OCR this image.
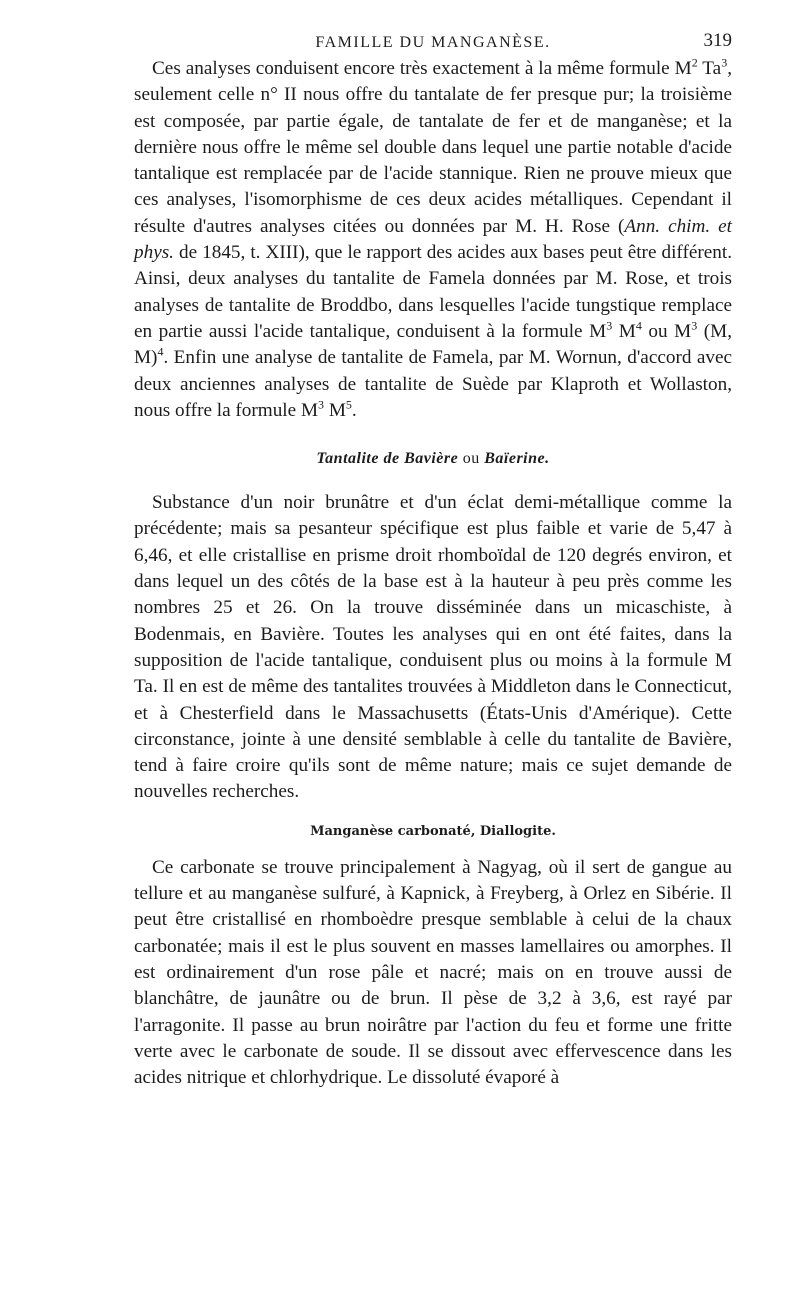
FAMILLE DU MANGANÈSE.	319

Ces analyses conduisent encore très exactement à la même formule $M^2$ Ta$^3$, seulement celle n° II nous offre du tantalate de fer presque pur; la troisième est composée, par partie égale, de tantalate de fer et de manganèse; et la dernière nous offre le même sel double dans lequel une partie notable d'acide tantalique est remplacée par de l'acide stannique. Rien ne prouve mieux que ces analyses, l'isomorphisme de ces deux acides métalliques. Cependant il résulte d'autres analyses citées ou données par M. H. Rose (Ann. chim. et phys. de 1845, t. XIII), que le rapport des acides aux bases peut être différent. Ainsi, deux analyses du tantalite de Famela données par M. Rose, et trois analyses de tantalite de Broddbo, dans lesquelles l'acide tungstique remplace en partie aussi l'acide tantalique, conduisent à la formule $M^3$ $M^4$ ou $M^3$ (M, M)$^4$. Enfin une analyse de tantalite de Famela, par M. Wornun, d'accord avec deux anciennes analyses de tantalite de Suède par Klaproth et Wollaston, nous offre la formule $M^3$ $M^5$.

Tantalite de Bavière ou Baïerine.

Substance d'un noir brunâtre et d'un éclat demi-métallique comme la précédente; mais sa pesanteur spécifique est plus faible et varie de 5,47 à 6,46, et elle cristallise en prisme droit rhomboïdal de 120 degrés environ, et dans lequel un des côtés de la base est à la hauteur à peu près comme les nombres 25 et 26. On la trouve disséminée dans un micaschiste, à Bodenmais, en Bavière. Toutes les analyses qui en ont été faites, dans la supposition de l'acide tantalique, conduisent plus ou moins à la formule M Ta. Il en est de même des tantalites trouvées à Middleton dans le Connecticut, et à Chesterfield dans le Massachusetts (États-Unis d'Amérique). Cette circonstance, jointe à une densité semblable à celle du tantalite de Bavière, tend à faire croire qu'ils sont de même nature; mais ce sujet demande de nouvelles recherches.

Manganèse carbonaté, Diallogite.

Ce carbonate se trouve principalement à Nagyag, où il sert de gangue au tellure et au manganèse sulfuré, à Kapnick, à Freyberg, à Orlez en Sibérie. Il peut être cristallisé en rhomboèdre presque semblable à celui de la chaux carbonatée; mais il est le plus souvent en masses lamellaires ou amorphes. Il est ordinairement d'un rose pâle et nacré; mais on en trouve aussi de blanchâtre, de jaunâtre ou de brun. Il pèse de 3,2 à 3,6, est rayé par l'arragonite. Il passe au brun noirâtre par l'action du feu et forme une fritte verte avec le carbonate de soude. Il se dissout avec effervescence dans les acides nitrique et chlorhydrique. Le dissoluté évaporé à
